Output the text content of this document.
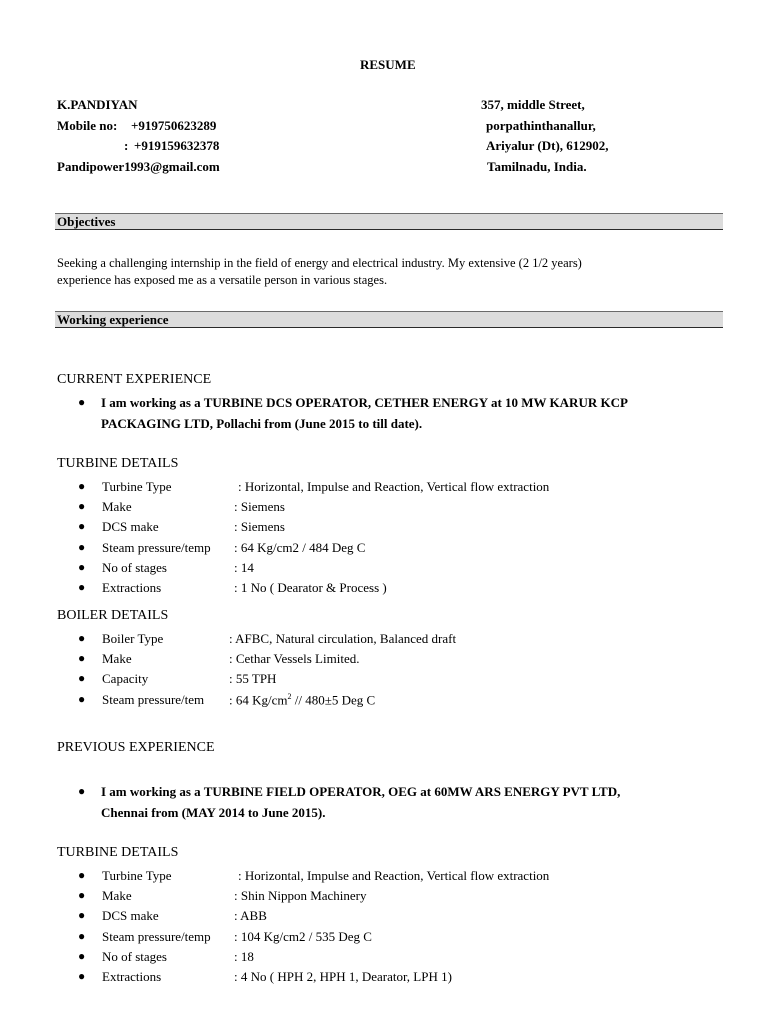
RESUME
K.PANDIYAN
Mobile no: +919750623289
: +919159632378
Pandipower1993@gmail.com
357, middle Street,
porpathinthanallur,
Ariyalur (Dt), 612902,
Tamilnadu, India.
Objectives
Seeking a challenging internship in the field of energy and electrical industry. My extensive (2 1/2 years)
experience has exposed me as a versatile person in various stages.
Working experience
CURRENT EXPERIENCE
● I am working as a TURBINE DCS OPERATOR, CETHER ENERGY at 10 MW KARUR KCP
PACKAGING LTD, Pollachi from (June 2015 to till date).
TURBINE DETAILS
● Turbine Type	: Horizontal, Impulse and Reaction, Vertical flow extraction
● Make	: Siemens
● DCS make	: Siemens
● Steam pressure/temp : 64 Kg/cm2 / 484 Deg C
● No of stages	: 14
● Extractions	: 1 No ( Dearator & Process )
BOILER DETAILS
● Boiler Type	: AFBC, Natural circulation, Balanced draft
● Make	: Cethar Vessels Limited.
● Capacity	: 55 TPH
● Steam pressure/tem : 64 $Kg/cm^2 // 480\pm 5$ Deg C
PREVIOUS EXPERIENCE
● I am working as a TURBINE FIELD OPERATOR, OEG at 60MW ARS ENERGY PVT LTD,
Chennai from (MAY 2014 to June 2015).
TURBINE DETAILS
● Turbine Type	: Horizontal, Impulse and Reaction, Vertical flow extraction
● Make	: Shin Nippon Machinery
● DCS make	: ABB
● Steam pressure/temp : 104 Kg/cm2 / 535 Deg C
● No of stages	: 18
● Extractions	: 4 No ( HPH 2, HPH 1, Dearator, LPH 1)
